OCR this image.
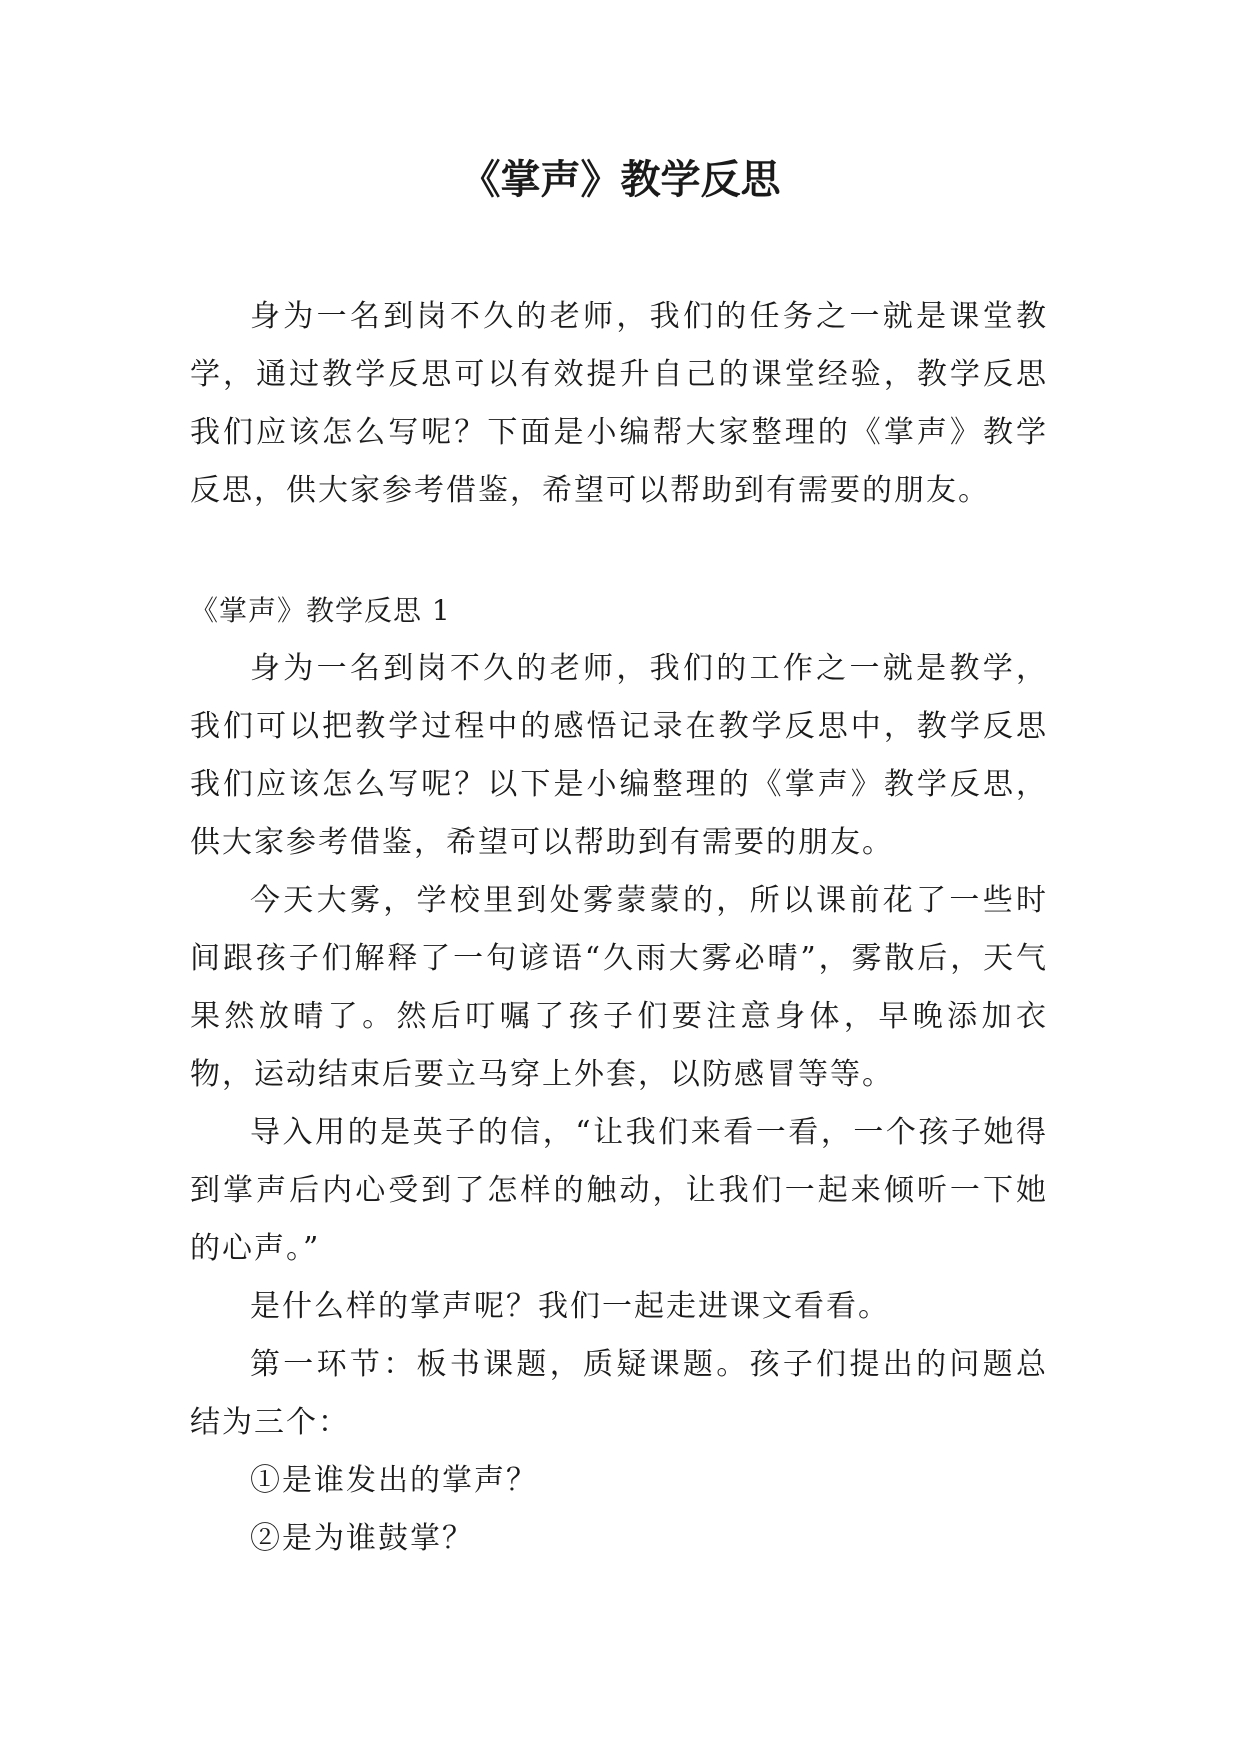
《掌声》教学反思

身为一名到岗不久的老师，我们的任务之一就是课堂教学，通过教学反思可以有效提升自己的课堂经验，教学反思我们应该怎么写呢？下面是小编帮大家整理的《掌声》教学反思，供大家参考借鉴，希望可以帮助到有需要的朋友。

《掌声》教学反思 1

身为一名到岗不久的老师，我们的工作之一就是教学，我们可以把教学过程中的感悟记录在教学反思中，教学反思我们应该怎么写呢？以下是小编整理的《掌声》教学反思，供大家参考借鉴，希望可以帮助到有需要的朋友。

今天大雾，学校里到处雾蒙蒙的，所以课前花了一些时间跟孩子们解释了一句谚语“久雨大雾必晴”，雾散后，天气果然放晴了。然后叮嘱了孩子们要注意身体，早晚添加衣物，运动结束后要立马穿上外套，以防感冒等等。

导入用的是英子的信，“让我们来看一看，一个孩子她得到掌声后内心受到了怎样的触动，让我们一起来倾听一下她的心声。”

是什么样的掌声呢？我们一起走进课文看看。

第一环节：板书课题，质疑课题。孩子们提出的问题总结为三个：

①是谁发出的掌声？

②是为谁鼓掌？
